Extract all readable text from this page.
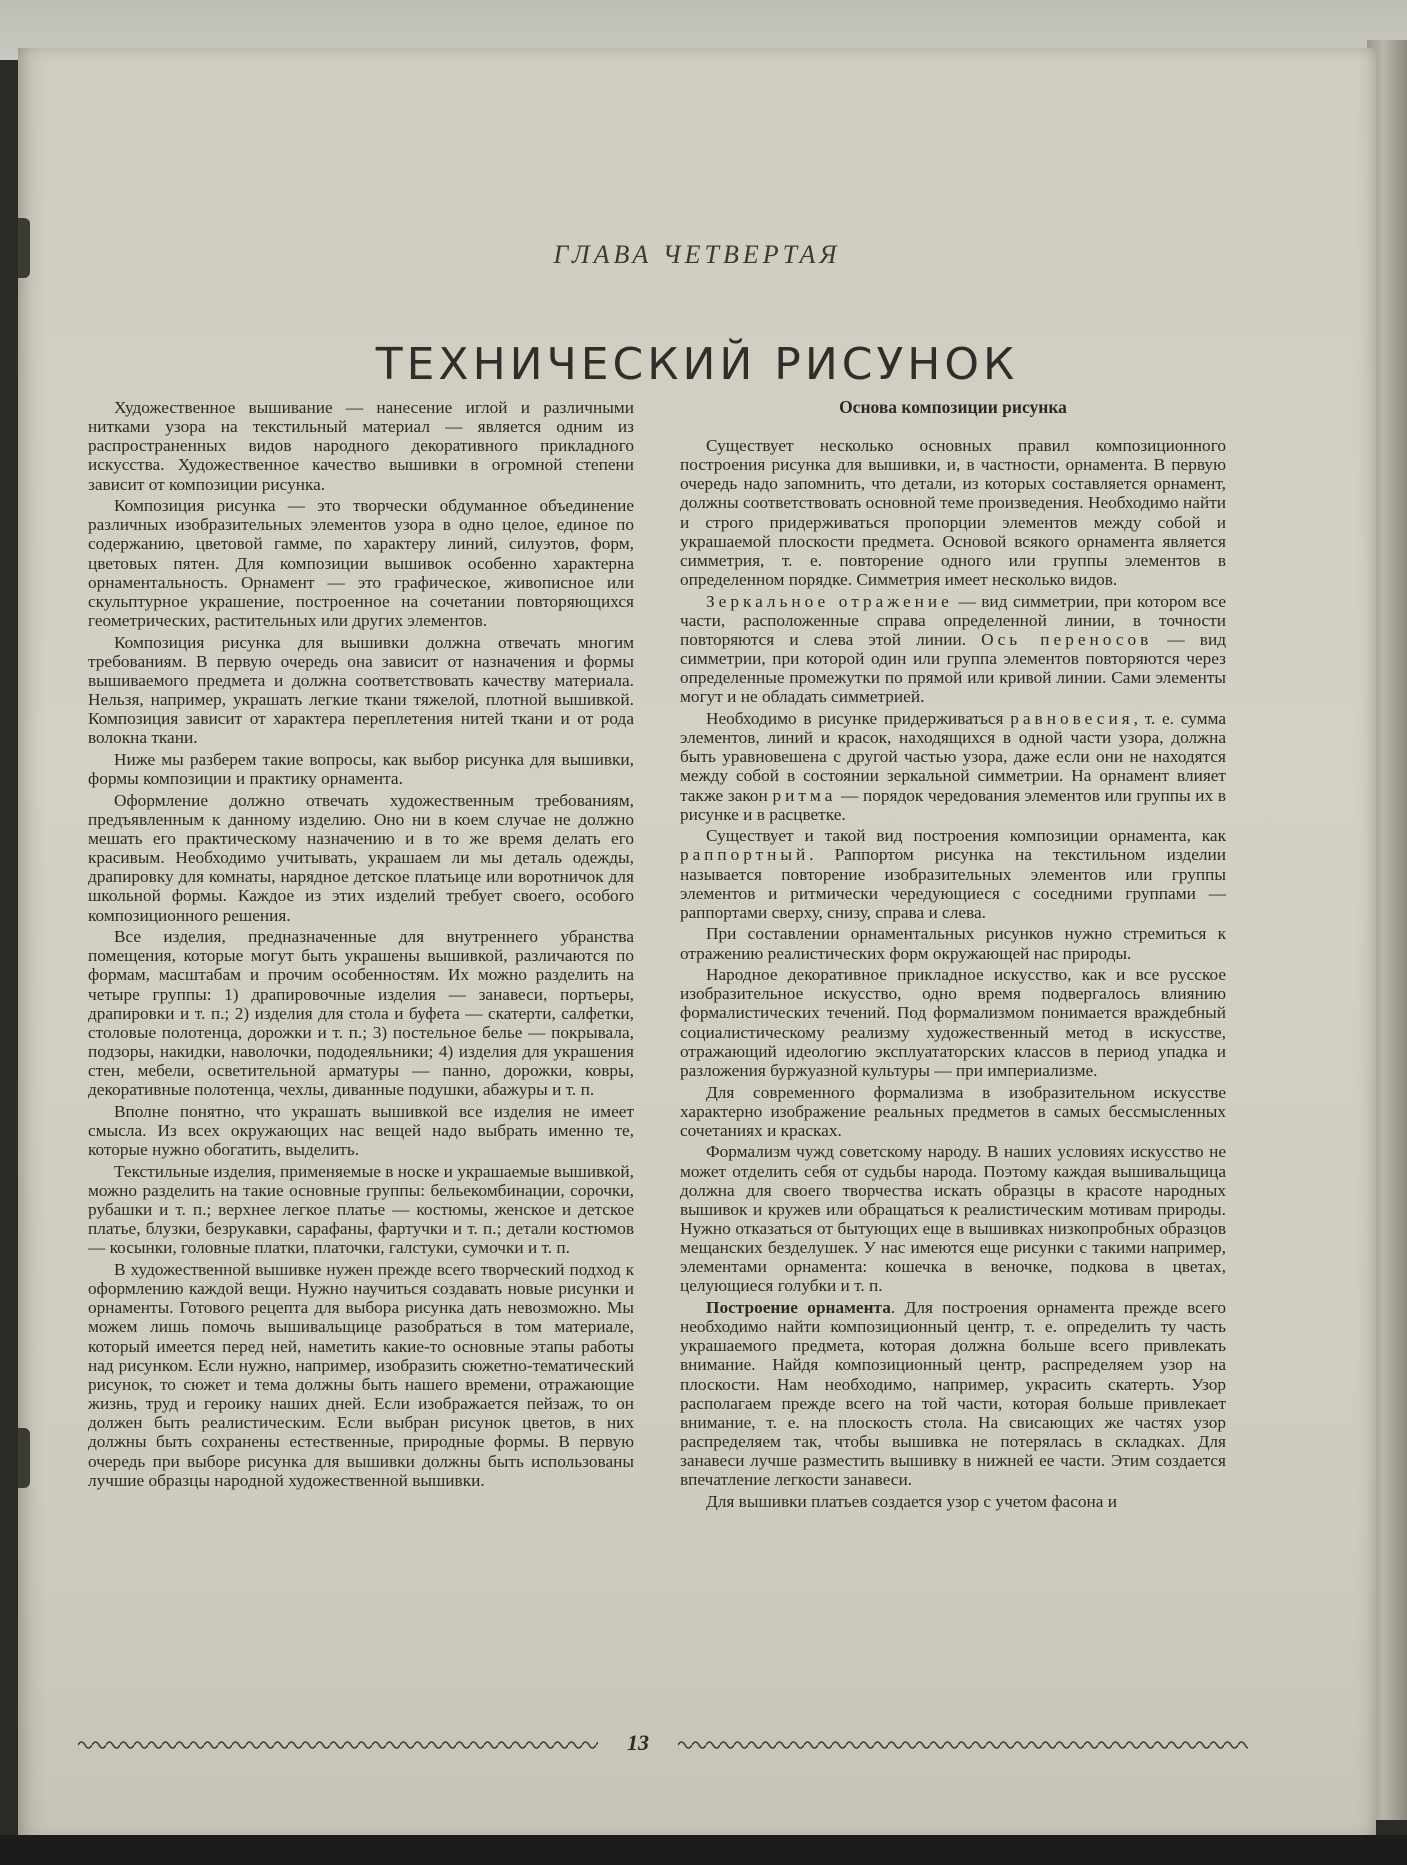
ГЛАВА ЧЕТВЕРТАЯ
ТЕХНИЧЕСКИЙ РИСУНОК

Художественное вышивание — нанесение иглой и различными нитками узора на текстильный материал — является одним из распространенных видов народного декоративного прикладного искусства. Художественное качество вышивки в огромной степени зависит от композиции рисунка.

Композиция рисунка — это творчески обдуманное объединение различных изобразительных элементов узора в одно целое, единое по содержанию, цветовой гамме, по характеру линий, силуэтов, форм, цветовых пятен. Для композиции вышивок особенно характерна орнаментальность. Орнамент — это графическое, живописное или скульптурное украшение, построенное на сочетании повторяющихся геометрических, растительных или других элементов.

Композиция рисунка для вышивки должна отвечать многим требованиям. В первую очередь она зависит от назначения и формы вышиваемого предмета и должна соответствовать качеству материала. Нельзя, например, украшать легкие ткани тяжелой, плотной вышивкой. Композиция зависит от характера переплетения нитей ткани и от рода волокна ткани.

Ниже мы разберем такие вопросы, как выбор рисунка для вышивки, формы композиции и практику орнамента.

Оформление должно отвечать художественным требованиям, предъявленным к данному изделию. Оно ни в коем случае не должно мешать его практическому назначению и в то же время делать его красивым. Необходимо учитывать, украшаем ли мы деталь одежды, драпировку для комнаты, нарядное детское платьице или воротничок для школьной формы. Каждое из этих изделий требует своего, особого композиционного решения.

Все изделия, предназначенные для внутреннего убранства помещения, которые могут быть украшены вышивкой, различаются по формам, масштабам и прочим особенностям. Их можно разделить на четыре группы: 1) драпировочные изделия — занавеси, портьеры, драпировки и т. п.; 2) изделия для стола и буфета — скатерти, салфетки, столовые полотенца, дорожки и т. п.; 3) постельное белье — покрывала, подзоры, накидки, наволочки, пододеяльники; 4) изделия для украшения стен, мебели, осветительной арматуры — панно, дорожки, ковры, декоративные полотенца, чехлы, диванные подушки, абажуры и т. п.

Вполне понятно, что украшать вышивкой все изделия не имеет смысла. Из всех окружающих нас вещей надо выбрать именно те, которые нужно обогатить, выделить.

Текстильные изделия, применяемые в носке и украшаемые вышивкой, можно разделить на такие основные группы: бельекомбинации, сорочки, рубашки и т. п.; верхнее легкое платье — костюмы, женское и детское платье, блузки, безрукавки, сарафаны, фартучки и т. п.; детали костюмов — косынки, головные платки, платочки, галстуки, сумочки и т. п.

В художественной вышивке нужен прежде всего творческий подход к оформлению каждой вещи. Нужно научиться создавать новые рисунки и орнаменты. Готового рецепта для выбора рисунка дать невозможно. Мы можем лишь помочь вышивальщице разобраться в том материале, который имеется перед ней, наметить какие-то основные этапы работы над рисунком. Если нужно, например, изобразить сюжетно-тематический рисунок, то сюжет и тема должны быть нашего времени, отражающие жизнь, труд и героику наших дней. Если изображается пейзаж, то он должен быть реалистическим. Если выбран рисунок цветов, в них должны быть сохранены естественные, природные формы. В первую очередь при выборе рисунка для вышивки должны быть использованы лучшие образцы народной художественной вышивки.

Основа композиции рисунка

Существует несколько основных правил композиционного построения рисунка для вышивки, и, в частности, орнамента. В первую очередь надо запомнить, что детали, из которых составляется орнамент, должны соответствовать основной теме произведения. Необходимо найти и строго придерживаться пропорции элементов между собой и украшаемой плоскости предмета. Основой всякого орнамента является симметрия, т. е. повторение одного или группы элементов в определенном порядке. Симметрия имеет несколько видов.

Зеркальное отражение — вид симметрии, при котором все части, расположенные справа определенной линии, в точности повторяются и слева этой линии. Ось переносов — вид симметрии, при которой один или группа элементов повторяются через определенные промежутки по прямой или кривой линии. Сами элементы могут и не обладать симметрией.

Необходимо в рисунке придерживаться равновесия, т. е. сумма элементов, линий и красок, находящихся в одной части узора, должна быть уравновешена с другой частью узора, даже если они не находятся между собой в состоянии зеркальной симметрии. На орнамент влияет также закон ритма — порядок чередования элементов или группы их в рисунке и в расцветке.

Существует и такой вид построения композиции орнамента, как раппортный. Раппортом рисунка на текстильном изделии называется повторение изобразительных элементов или группы элементов и ритмически чередующиеся с соседними группами — раппортами сверху, снизу, справа и слева.

При составлении орнаментальных рисунков нужно стремиться к отражению реалистических форм окружающей нас природы.

Народное декоративное прикладное искусство, как и все русское изобразительное искусство, одно время подвергалось влиянию формалистических течений. Под формализмом понимается враждебный социалистическому реализму художественный метод в искусстве, отражающий идеологию эксплуататорских классов в период упадка и разложения буржуазной культуры — при империализме.

Для современного формализма в изобразительном искусстве характерно изображение реальных предметов в самых бессмысленных сочетаниях и красках.

Формализм чужд советскому народу. В наших условиях искусство не может отделить себя от судьбы народа. Поэтому каждая вышивальщица должна для своего творчества искать образцы в красоте народных вышивок и кружев или обращаться к реалистическим мотивам природы. Нужно отказаться от бытующих еще в вышивках низкопробных образцов мещанских безделушек. У нас имеются еще рисунки с такими например, элементами орнамента: кошечка в веночке, подкова в цветах, целующиеся голубки и т. п.

Построение орнамента. Для построения орнамента прежде всего необходимо найти композиционный центр, т. е. определить ту часть украшаемого предмета, которая должна больше всего привлекать внимание. Найдя композиционный центр, распределяем узор на плоскости. Нам необходимо, например, украсить скатерть. Узор располагаем прежде всего на той части, которая больше привлекает внимание, т. е. на плоскость стола. На свисающих же частях узор распределяем так, чтобы вышивка не потерялась в складках. Для занавеси лучше разместить вышивку в нижней ее части. Этим создается впечатление легкости занавеси.

Для вышивки платьев создается узор с учетом фасона и

13
